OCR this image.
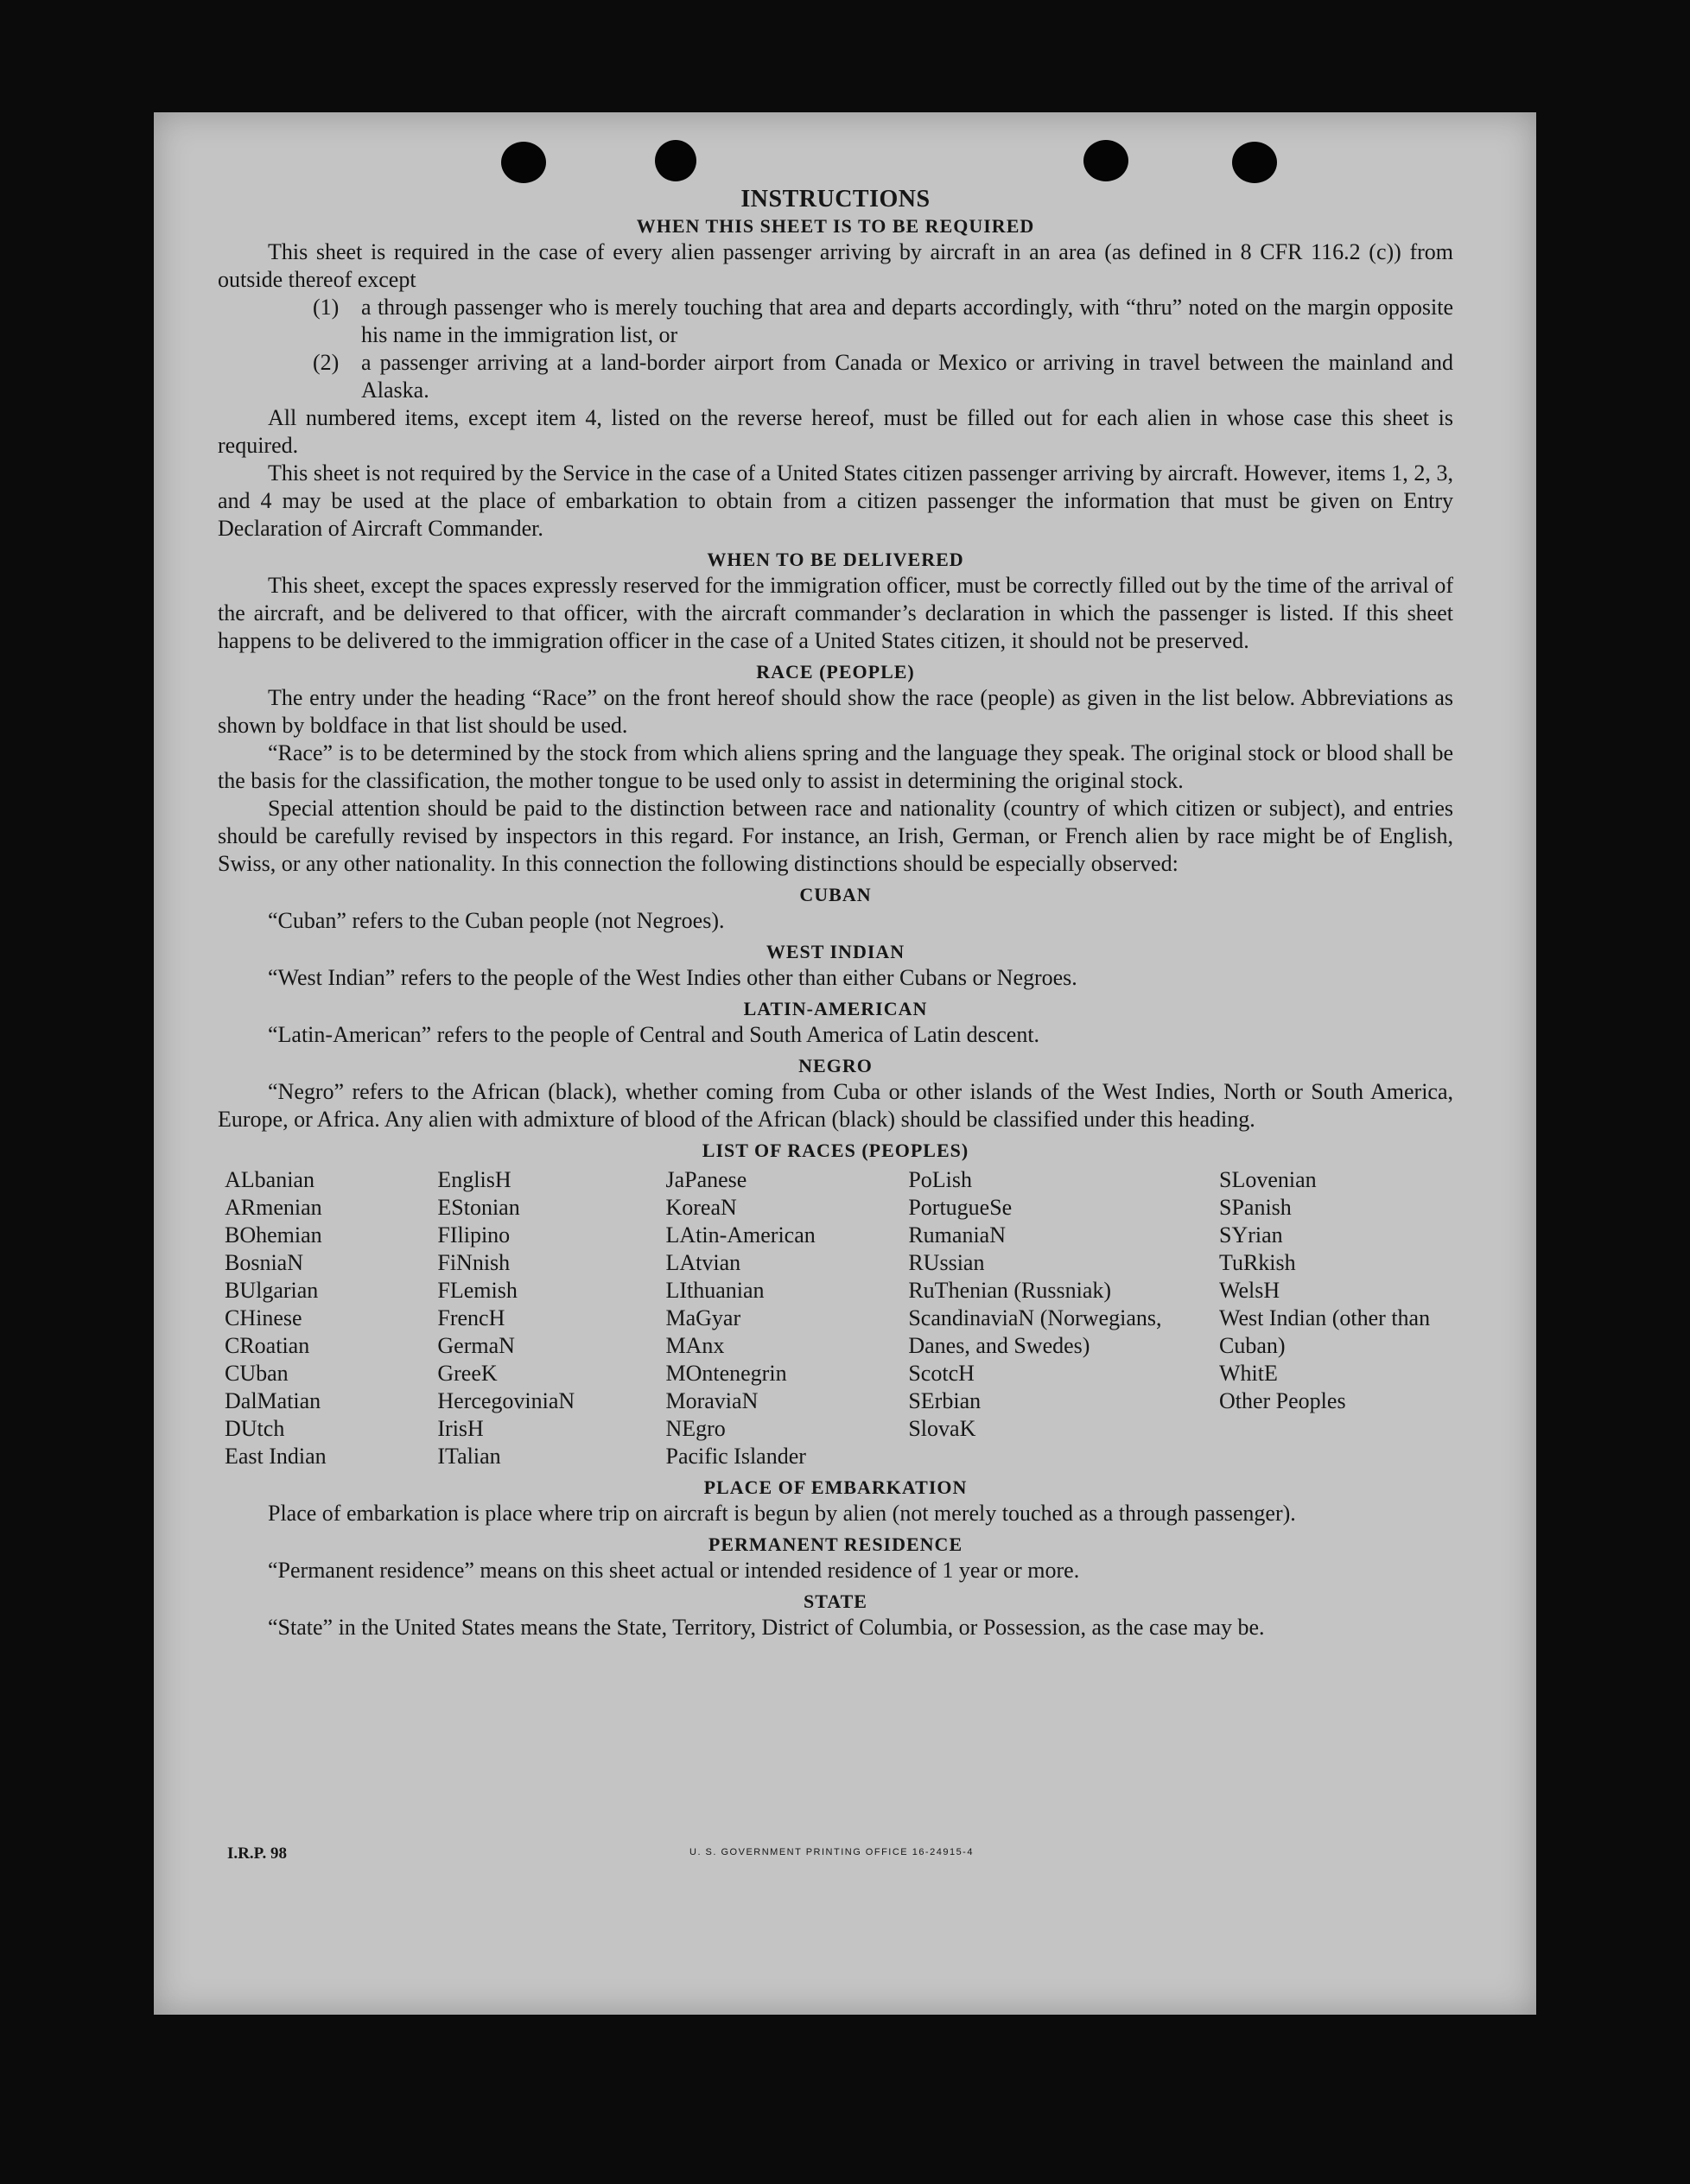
INSTRUCTIONS
WHEN THIS SHEET IS TO BE REQUIRED

This sheet is required in the case of every alien passenger arriving by aircraft in an area (as defined in 8 CFR 116.2 (c)) from outside thereof except

(1) a through passenger who is merely touching that area and departs accordingly, with “thru” noted on the margin opposite his name in the immigration list, or
(2) a passenger arriving at a land-border airport from Canada or Mexico or arriving in travel between the mainland and Alaska.

All numbered items, except item 4, listed on the reverse hereof, must be filled out for each alien in whose case this sheet is required.

This sheet is not required by the Service in the case of a United States citizen passenger arriving by aircraft. However, items 1, 2, 3, and 4 may be used at the place of embarkation to obtain from a citizen passenger the information that must be given on Entry Declaration of Aircraft Commander.

WHEN TO BE DELIVERED

This sheet, except the spaces expressly reserved for the immigration officer, must be correctly filled out by the time of the arrival of the aircraft, and be delivered to that officer, with the aircraft commander’s declaration in which the passenger is listed. If this sheet happens to be delivered to the immigration officer in the case of a United States citizen, it should not be preserved.

RACE (PEOPLE)

The entry under the heading “Race” on the front hereof should show the race (people) as given in the list below. Abbreviations as shown by boldface in that list should be used.

“Race” is to be determined by the stock from which aliens spring and the language they speak. The original stock or blood shall be the basis for the classification, the mother tongue to be used only to assist in determining the original stock.

Special attention should be paid to the distinction between race and nationality (country of which citizen or subject), and entries should be carefully revised by inspectors in this regard. For instance, an Irish, German, or French alien by race might be of English, Swiss, or any other nationality. In this connection the following distinctions should be especially observed:

CUBAN

“Cuban” refers to the Cuban people (not Negroes).

WEST INDIAN

“West Indian” refers to the people of the West Indies other than either Cubans or Negroes.

LATIN-AMERICAN

“Latin-American” refers to the people of Central and South America of Latin descent.

NEGRO

“Negro” refers to the African (black), whether coming from Cuba or other islands of the West Indies, North or South America, Europe, or Africa. Any alien with admixture of blood of the African (black) should be classified under this heading.

LIST OF RACES (PEOPLES)
ALbanian
ARmenian
BOhemian
BosniaN
BUlgarian
CHinese
CRoatian
CUban
DalMatian
DUtch
East Indian
EnglisH
EStonian
FIlipino
FiNnish
FLemish
FrencH
GermaN
GreeK
HercegoviniaN
IrisH
ITalian
JaPanese
KoreaN
LAtin-American
LAtvian
LIthuanian
MaGyar
MAnx
MOntenegrin
MoraviaN
NEgro
Pacific Islander
PoLish
PortugueSe
RumaniaN
RUssian
RuThenian (Russniak)
ScandinaviaN (Norwegians, Danes, and Swedes)
ScotcH
SErbian
SlovaK
SLovenian
SPanish
SYrian
TuRkish
WelsH
West Indian (other than Cuban)
WhitE
Other Peoples
PLACE OF EMBARKATION

Place of embarkation is place where trip on aircraft is begun by alien (not merely touched as a through passenger).

PERMANENT RESIDENCE

“Permanent residence” means on this sheet actual or intended residence of 1 year or more.

STATE

“State” in the United States means the State, Territory, District of Columbia, or Possession, as the case may be.

I.R.P. 98	U. S. GOVERNMENT PRINTING OFFICE 16-24915-4
